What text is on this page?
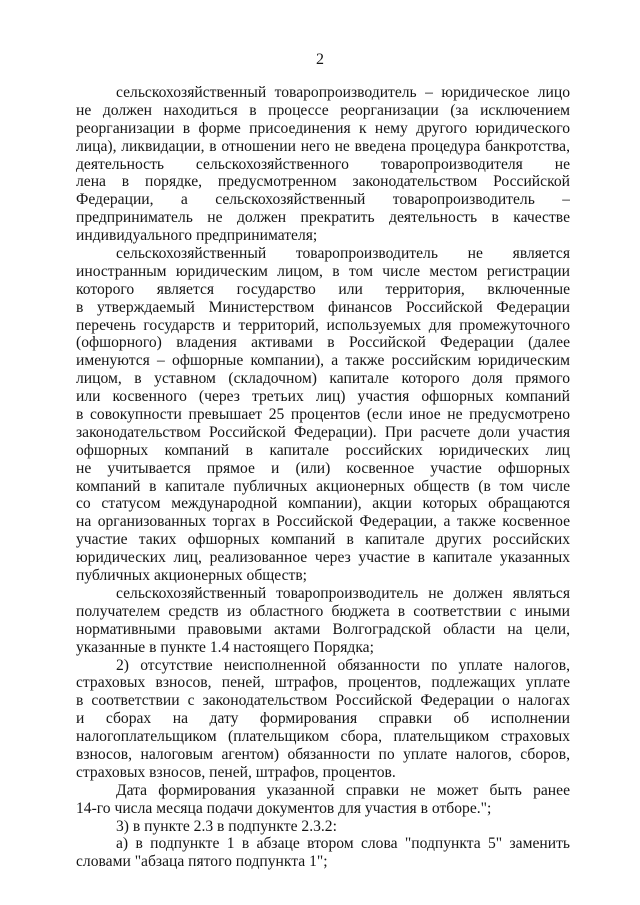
2
сельскохозяйственный товаропроизводитель – юридическое лицо
не должен находиться в процессе реорганизации (за исключением
реорганизации в форме присоединения к нему другого юридического
лица), ликвидации, в отношении него не введена процедура банкротства,
деятельность сельскохозяйственного товаропроизводителя не
лена в порядке, предусмотренном законодательством Российской
Федерации, а сельскохозяйственный товаропроизводитель –
предприниматель не должен прекратить деятельность в качестве
индивидуального предпринимателя;
сельскохозяйственный товаропроизводитель не является
иностранным юридическим лицом, в том числе местом регистрации
которого является государство или территория, включенные
в утверждаемый Министерством финансов Российской Федерации
перечень государств и территорий, используемых для промежуточного
(офшорного) владения активами в Российской Федерации (далее
именуются – офшорные компании), а также российским юридическим
лицом, в уставном (складочном) капитале которого доля прямого
или косвенного (через третьих лиц) участия офшорных компаний
в совокупности превышает 25 процентов (если иное не предусмотрено
законодательством Российской Федерации). При расчете доли участия
офшорных компаний в капитале российских юридических лиц
не учитывается прямое и (или) косвенное участие офшорных
компаний в капитале публичных акционерных обществ (в том числе
со статусом международной компании), акции которых обращаются
на организованных торгах в Российской Федерации, а также косвенное
участие таких офшорных компаний в капитале других российских
юридических лиц, реализованное через участие в капитале указанных
публичных акционерных обществ;
сельскохозяйственный товаропроизводитель не должен являться
получателем средств из областного бюджета в соответствии с иными
нормативными правовыми актами Волгоградской области на цели,
указанные в пункте 1.4 настоящего Порядка;
2) отсутствие неисполненной обязанности по уплате налогов,
страховых взносов, пеней, штрафов, процентов, подлежащих уплате
в соответствии с законодательством Российской Федерации о налогах
и сборах на дату формирования справки об исполнении
налогоплательщиком (плательщиком сбора, плательщиком страховых
взносов, налоговым агентом) обязанности по уплате налогов, сборов,
страховых взносов, пеней, штрафов, процентов.
Дата формирования указанной справки не может быть ранее
14-го числа месяца подачи документов для участия в отборе.";
3) в пункте 2.3 в подпункте 2.3.2:
а) в подпункте 1 в абзаце втором слова "подпункта 5" заменить
словами "абзаца пятого подпункта 1";
